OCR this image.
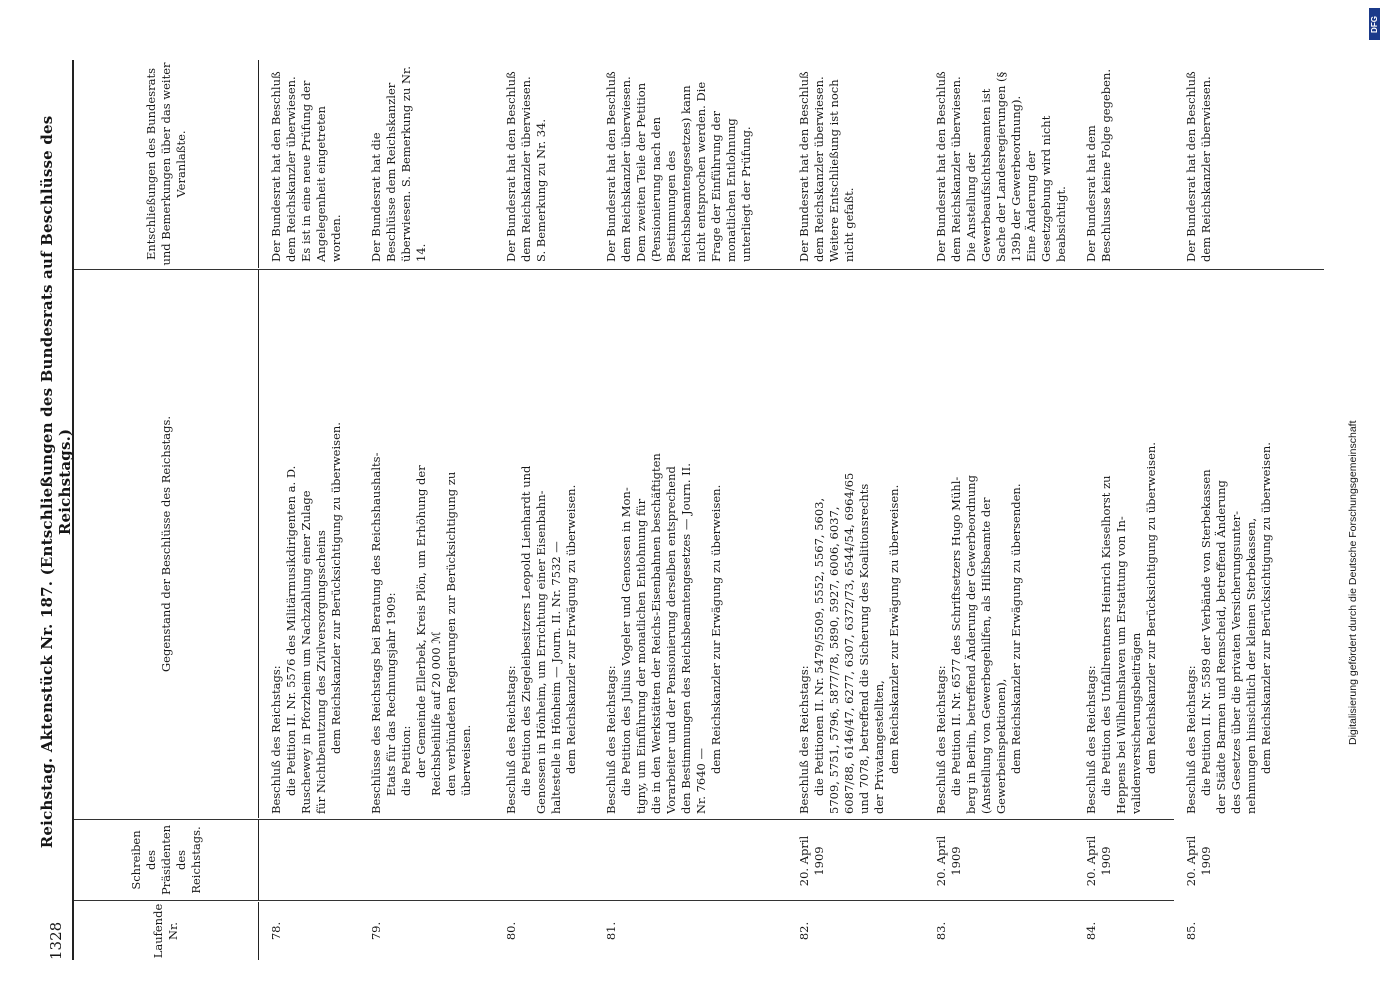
1328
Reichstag. Aktenstück Nr. 187. (Entschließungen des Bundesrats auf Beschlüsse des Reichstags.)
Laufende Nr.
Schreiben des Präsidenten des Reichstags.
Gegenstand der Beschlüsse des Reichstags.
Entschließungen des Bundesrats und Bemerkungen über das weiter Veranlaßte.
78.
Beschluß des Reichstags: die Petition II. Nr. 5576 des Militärmusikdirigenten a. D. Ruschewey in Pforzheim um Nachzahlung einer Zulage für Nichtbenutzung des Zivilversorgungsscheins dem Reichskanzler zur Berücksichtigung zu überweisen.
Der Bundesrat hat den Beschluß dem Reichskanzler überwiesen. Es ist in eine neue Prüfung der Angelegenheit eingetreten worden.
79.
Beschlüsse des Reichstags bei Beratung des Reichshaushalts- Etats für das Rechnungsjahr 1909: die Petition: der Gemeinde Ellerbek, Kreis Plön, um Erhöhung der Reichsbeihilfe auf 20 000 ℳ den verbündeten Regierungen zur Berücksichtigung zu überweisen.
Der Bundesrat hat die Beschlüsse dem Reichskanzler überwiesen. S. Bemerkung zu Nr. 14.
80.
Beschluß des Reichstags: die Petition des Ziegeleibesitzers Leopold Lienhardt und Genossen in Hönheim, um Errichtung einer Eisenbahn- haltestelle in Hönheim — Journ. II. Nr. 7532 — dem Reichskanzler zur Erwägung zu überweisen.
Der Bundesrat hat den Beschluß dem Reichskanzler überwiesen. S. Bemerkung zu Nr. 34.
81.
Beschluß des Reichstags: die Petition des Julius Vogeler und Genossen in Mon- tigny, um Einführung der monatlichen Entlohnung für die in den Werkstätten der Reichs-Eisenbahnen beschäftigten Vorarbeiter und der Pensionierung derselben entsprechend den Bestimmungen des Reichsbeamtengesetzes — Journ. II. Nr. 7640 —
dem Reichskanzler zur Erwägung zu überweisen.
Der Bundesrat hat den Beschluß dem Reichskanzler überwiesen. Dem zweiten Teile der Petition (Pensionierung nach den Bestimmungen des Reichsbeamtengesetzes) kann nicht entsprochen werden. Die Frage der Einführung der monatlichen Entlohnung unterliegt der Prüfung.
82.
20. April 1909
Beschluß des Reichstags: die Petitionen II. Nr. 5479/5509, 5552, 5567, 5603, 5709, 5751, 5796, 5877/78, 5890, 5927, 6006, 6037, 6087/88, 6146/47, 6277, 6307, 6372/73, 6544/54, 6964/65 und 7078, betreffend die Sicherung des Koalitionsrechts der Privatangestellten, dem Reichskanzler zur Erwägung zu überweisen.
Der Bundesrat hat den Beschluß dem Reichskanzler überwiesen. Weitere Entschließung ist noch nicht gefaßt.
83.
20. April 1909
Beschluß des Reichstags: die Petition II. Nr. 6577 des Schriftsetzers Hugo Mühl- berg in Berlin, betreffend Änderung der Gewerbeordnung (Anstellung von Gewerbegehilfen, als Hilfsbeamte der Gewerbeinspektionen), dem Reichskanzler zur Erwägung zu übersenden.
Der Bundesrat hat den Beschluß dem Reichskanzler überwiesen. Die Anstellung der Gewerbeaufsichtsbeamten ist Sache der Landesregierungen (§ 139b der Gewerbeordnung). Eine Änderung der Gesetzgebung wird nicht beabsichtigt.
84.
20. April 1909
Beschluß des Reichstags: die Petition des Unfallrentners Heinrich Kieselhorst zu Heppens bei Wilhelmshaven um Erstattung von In- validenversicherungsbeiträgen dem Reichskanzler zur Berücksichtigung zu überweisen.
Der Bundesrat hat dem Beschlusse keine Folge gegeben.
85.
20. April 1909
Beschluß des Reichstags: die Petition II. Nr. 5589 der Verbände von Sterbekassen der Städte Barmen und Remscheid, betreffend Änderung des Gesetzes über die privaten Versicherungsunter- nehmungen hinsichtlich der kleinen Sterbekassen, dem Reichskanzler zur Berücksichtigung zu überweisen.
Der Bundesrat hat den Beschluß dem Reichskanzler überwiesen.
Digitalisierung gefördert durch die Deutsche Forschungsgemeinschaft
DFG
